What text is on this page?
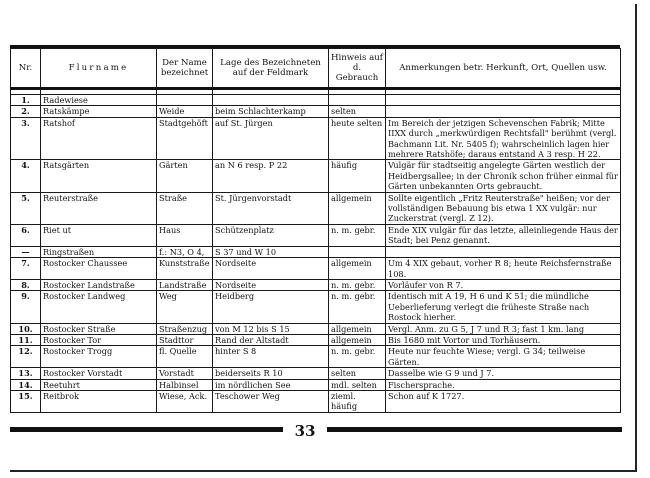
Nr.	Flurname	Der Name bezeichnet	Lage des Bezeichneten auf der Feldmark	Hinweis auf d. Gebrauch	Anmerkungen betr. Herkunft, Ort, Quellen usw.

1.	Radewiese				
2.	Ratskämpe	Weide	beim Schlachterkamp	selten	
3.	Ratshof	Stadtgehöft	auf St. Jürgen	heute selten	Im Bereich der jetzigen Schevenschen Fabrik; Mitte IIXX durch „merkwürdigen Rechtsfall" berühmt (vergl. Bachmann Lit. Nr. 5405 f); wahrscheinlich lagen hier mehrere Ratshöfe; daraus entstand A 3 resp. H 22.
4.	Ratsgärten	Gärten	an N 6 resp. P 22	häufig	Vulgär für stadtseitig angelegte Gärten westlich der Heidbergsallee; in der Chronik schon früher einmal für Gärten unbekannten Orts gebraucht.
5.	Reuterstraße	Straße	St. Jürgenvorstadt	allgemein	Sollte eigentlich „Fritz Reuterstraße" heißen; vor der vollständigen Bebauung bis etwa 1 XX vulgär: nur Zuckerstrat (vergl. Z 12).
6.	Riet ut	Haus	Schützenplatz	n. m. gebr.	Ende XIX vulgär für das letzte, alleinliegende Haus der Stadt; bei Penz genannt.
—	Ringstraßen	f.: N3, O 4,	S 37 und W 10		
7.	Rostocker Chaussee	Kunststraße	Nordseite	allgemein	Um 4 XIX gebaut, vorher R 8; heute Reichsfernstraße 108.
8.	Rostocker Landstraße	Landstraße	Nordseite	n. m. gebr.	Vorläufer von R 7.
9.	Rostocker Landweg	Weg	Heidberg	n. m. gebr.	Identisch mit A 19, H 6 und K 51; die mündliche Ueberlieferung verlegt die früheste Straße nach Rostock hierher.
10.	Rostocker Straße	Straßenzug	von M 12 bis S 15	allgemein	Vergl. Anm. zu G 5, J 7 und R 3; fast 1 km. lang
11.	Rostocker Tor	Stadttor	Rand der Altstadt	allgemein	Bis 1680 mit Vortor und Torhäusern.
12.	Rostocker Trogg	fl. Quelle	hinter S 8	n. m. gebr.	Heute nur feuchte Wiese; vergl. G 34; teilweise Gärten.
13.	Rostocker Vorstadt	Vorstadt	beiderseits R 10	selten	Dasselbe wie G 9 und J 7.
14.	Reetuhrt	Halbinsel	im nördlichen See	mdl. selten	Fischersprache.
15.	Reitbrok	Wiese, Ack.	Teschower Weg	zieml. häufig	Schon auf K 1727.
33
